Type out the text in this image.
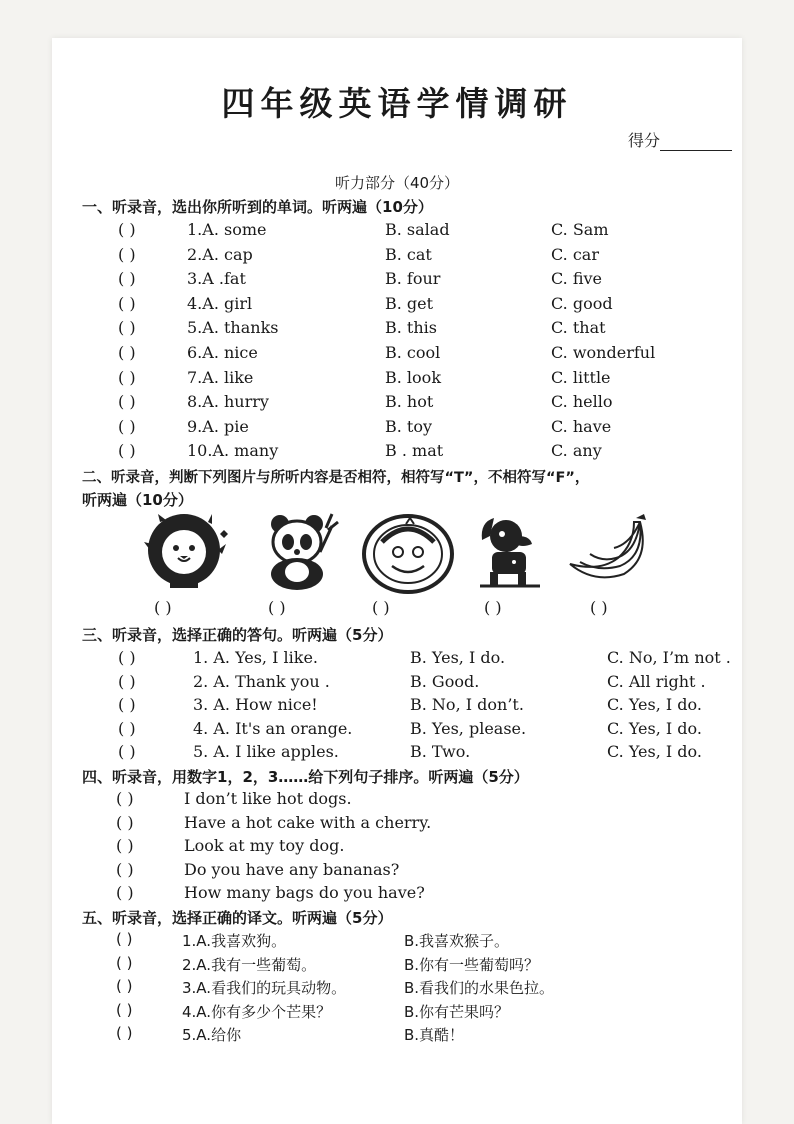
四年级英语学情调研
得分
听力部分（40分）
一、听录音，选出你所听到的单词。听两遍（10分）
( )	1.A. some	B. salad	C. Sam
( )	2.A. cap	B. cat	C. car
( )	3.A .fat	B. four	C. five
( )	4.A. girl	B. get	C. good
( )	5.A. thanks	B. this	C. that
( )	6.A. nice	B. cool	C. wonderful
( )	7.A. like	B. look	C. little
( )	8.A. hurry	B. hot	C. hello
( )	9.A. pie	B. toy	C. have
( )	10.A. many	B . mat	C. any
二、听录音，判断下列图片与所听内容是否相符，相符写“T”，不相符写“F”，
听两遍（10分）
( )	( )	( )	( )	( )
三、听录音，选择正确的答句。听两遍（5分）
( )	1. A. Yes, I like.	B. Yes, I do.	C. No, I’m not .
( )	2. A. Thank you .	B. Good.	C. All right .
( )	3. A. How nice!	B. No, I don’t.	C. Yes, I do.
( )	4. A. It's an orange.	B. Yes, please.	C. Yes, I do.
( )	5. A. I like apples.	B. Two.	C. Yes, I do.
四、听录音，用数字1，2，3……给下列句子排序。听两遍（5分）
( )	I don’t like hot dogs.
( )	Have a hot cake with a cherry.
( )	Look at my toy dog.
( )	Do you have any bananas?
( )	How many bags do you have?
五、听录音，选择正确的译文。听两遍（5分）
( )	1.A.我喜欢狗。	B.我喜欢猴子。
( )	2.A.我有一些葡萄。	B.你有一些葡萄吗？
( )	3.A.看我们的玩具动物。	B.看我们的水果色拉。
( )	4.A.你有多少个芒果？	B.你有芒果吗？
( )	5.A.给你	B.真酷！
